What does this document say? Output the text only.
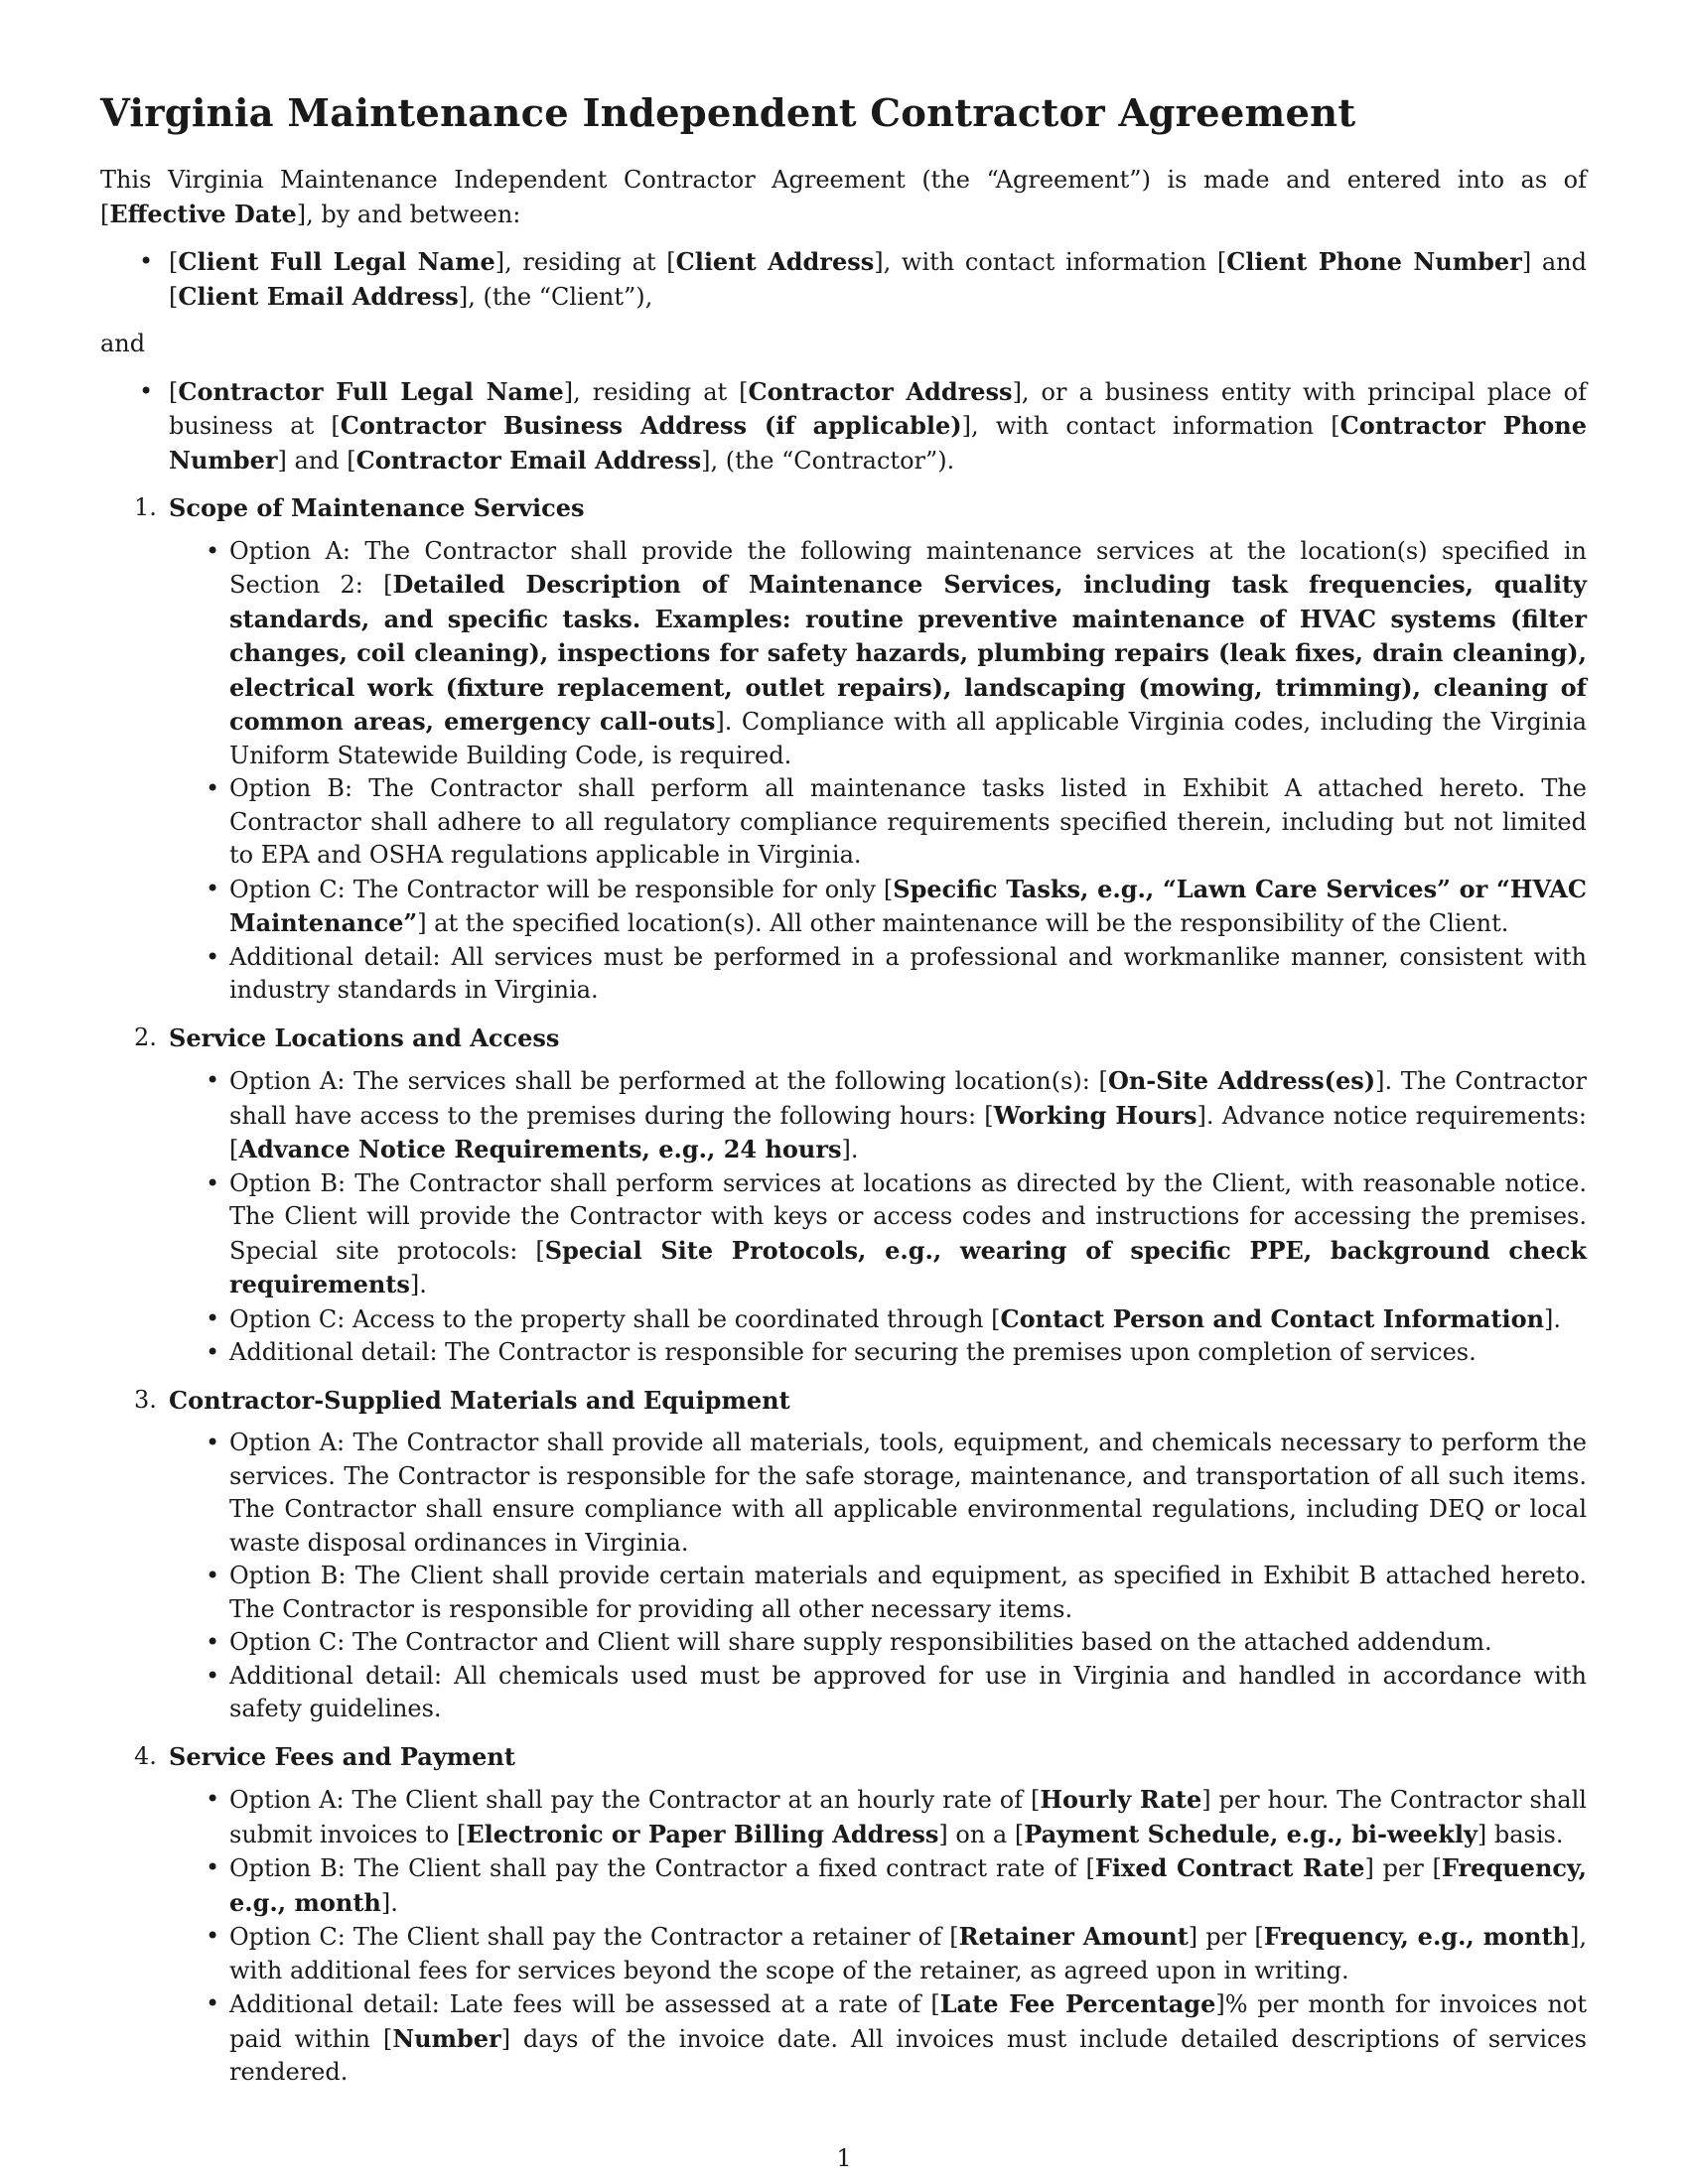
Virginia Maintenance Independent Contractor Agreement

This Virginia Maintenance Independent Contractor Agreement (the “Agreement”) is made and entered into as of [Effective Date], by and between:

• [Client Full Legal Name], residing at [Client Address], with contact information [Client Phone Number] and [Client Email Address], (the “Client”),

and

• [Contractor Full Legal Name], residing at [Contractor Address], or a business entity with principal place of business at [Contractor Business Address (if applicable)], with contact information [Contractor Phone Number] and [Contractor Email Address], (the “Contractor”).
1. Scope of Maintenance Services
• Option A: The Contractor shall provide the following maintenance services at the location(s) specified in Section 2: [Detailed Description of Maintenance Services, including task frequencies, quality standards, and specific tasks. Examples: routine preventive maintenance of HVAC systems (filter changes, coil cleaning), inspections for safety hazards, plumbing repairs (leak fixes, drain cleaning), electrical work (fixture replacement, outlet repairs), landscaping (mowing, trimming), cleaning of common areas, emergency call-outs]. Compliance with all applicable Virginia codes, including the Virginia Uniform Statewide Building Code, is required.
• Option B: The Contractor shall perform all maintenance tasks listed in Exhibit A attached hereto. The Contractor shall adhere to all regulatory compliance requirements specified therein, including but not limited to EPA and OSHA regulations applicable in Virginia.
• Option C: The Contractor will be responsible for only [Specific Tasks, e.g., “Lawn Care Services” or “HVAC Maintenance”] at the specified location(s). All other maintenance will be the responsibility of the Client.
• Additional detail: All services must be performed in a professional and workmanlike manner, consistent with industry standards in Virginia.
2. Service Locations and Access
• Option A: The services shall be performed at the following location(s): [On-Site Address(es)]. The Contractor shall have access to the premises during the following hours: [Working Hours]. Advance notice requirements: [Advance Notice Requirements, e.g., 24 hours].
• Option B: The Contractor shall perform services at locations as directed by the Client, with reasonable notice. The Client will provide the Contractor with keys or access codes and instructions for accessing the premises. Special site protocols: [Special Site Protocols, e.g., wearing of specific PPE, background check requirements].
• Option C: Access to the property shall be coordinated through [Contact Person and Contact Information].
• Additional detail: The Contractor is responsible for securing the premises upon completion of services.
3. Contractor-Supplied Materials and Equipment
• Option A: The Contractor shall provide all materials, tools, equipment, and chemicals necessary to perform the services. The Contractor is responsible for the safe storage, maintenance, and transportation of all such items. The Contractor shall ensure compliance with all applicable environmental regulations, including DEQ or local waste disposal ordinances in Virginia.
• Option B: The Client shall provide certain materials and equipment, as specified in Exhibit B attached hereto. The Contractor is responsible for providing all other necessary items.
• Option C: The Contractor and Client will share supply responsibilities based on the attached addendum.
• Additional detail: All chemicals used must be approved for use in Virginia and handled in accordance with safety guidelines.
4. Service Fees and Payment
• Option A: The Client shall pay the Contractor at an hourly rate of [Hourly Rate] per hour. The Contractor shall submit invoices to [Electronic or Paper Billing Address] on a [Payment Schedule, e.g., bi-weekly] basis.
• Option B: The Client shall pay the Contractor a fixed contract rate of [Fixed Contract Rate] per [Frequency, e.g., month].
• Option C: The Client shall pay the Contractor a retainer of [Retainer Amount] per [Frequency, e.g., month], with additional fees for services beyond the scope of the retainer, as agreed upon in writing.
• Additional detail: Late fees will be assessed at a rate of [Late Fee Percentage]% per month for invoices not paid within [Number] days of the invoice date. All invoices must include detailed descriptions of services rendered.
1
